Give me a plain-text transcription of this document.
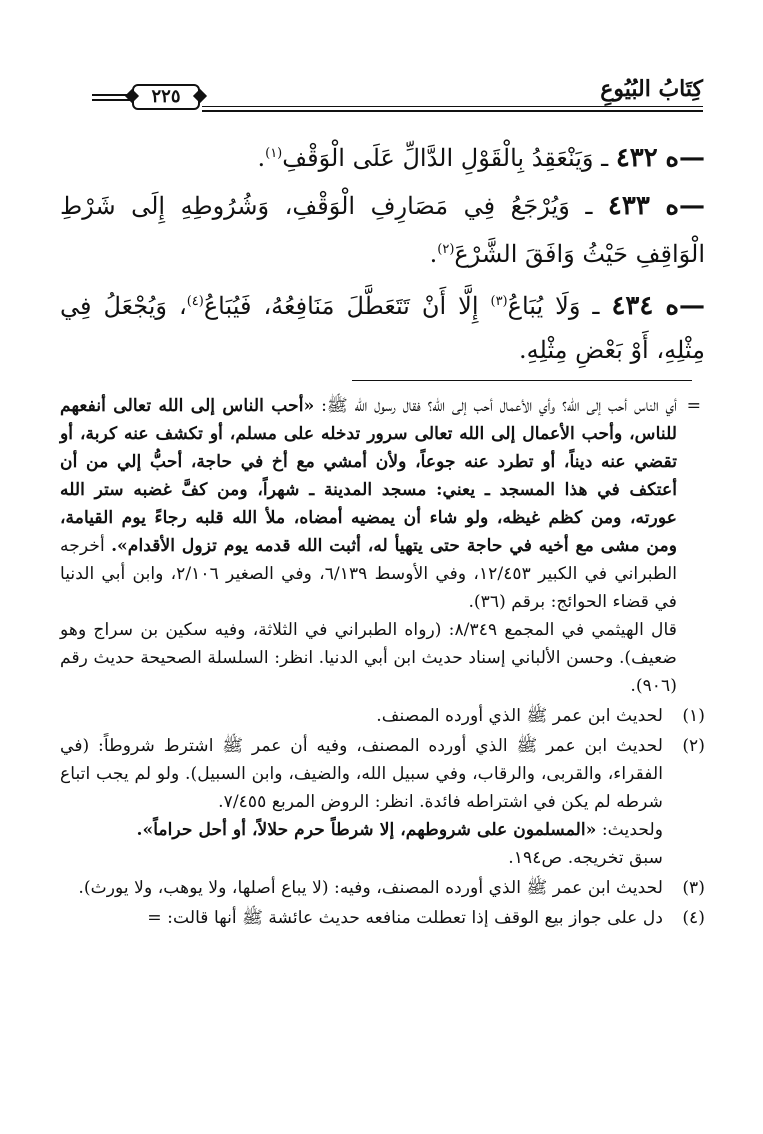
كِتَابُ البُيُوعِ
٢٢٥

—ﻩ ٤٣٢ ـ وَيَنْعَقِدُ بِالْقَوْلِ الدَّالِّ عَلَى الْوَقْفِ$^{(١)}$.

—ﻩ ٤٣٣ ـ وَيُرْجَعُ فِي مَصَارِفِ الْوَقْفِ، وَشُرُوطِهِ إِلَى شَرْطِ الْوَاقِفِ حَيْثُ وَافَقَ الشَّرْعَ$^{(٢)}$.

—ﻩ ٤٣٤ ـ وَلَا يُبَاعُ$^{(٣)}$ إِلَّا أَنْ تَتَعَطَّلَ مَنَافِعُهُ، فَيُبَاعُ$^{(٤)}$، وَيُجْعَلُ فِي مِثْلِهِ، أَوْ بَعْضِ مِثْلِهِ.

=

أي الناس أحب إلى الله؟ وأي الأعمال أحب إلى الله؟ فقال رسول الله ﷺ: «أحب الناس إلى الله تعالى أنفعهم للناس، وأحب الأعمال إلى الله تعالى سرور تدخله على مسلم، أو تكشف عنه كربة، أو تقضي عنه ديناً، أو تطرد عنه جوعاً، ولأن أمشي مع أخ في حاجة، أحبُّ إلي من أن أعتكف في هذا المسجد ـ يعني: مسجد المدينة ـ شهراً، ومن كفَّ غضبه ستر الله عورته، ومن كظم غيظه، ولو شاء أن يمضيه أمضاه، ملأ الله قلبه رجاءً يوم القيامة، ومن مشى مع أخيه في حاجة حتى يتهيأ له، أثبت الله قدمه يوم تزول الأقدام». أخرجه الطبراني في الكبير ١٢/٤٥٣، وفي الأوسط ٦/١٣٩، وفي الصغير ٢/١٠٦، وابن أبي الدنيا في قضاء الحوائج: برقم (٣٦).

قال الهيثمي في المجمع ٨/٣٤٩: (رواه الطبراني في الثلاثة، وفيه سكين بن سراج وهو ضعيف). وحسن الألباني إسناد حديث ابن أبي الدنيا. انظر: السلسلة الصحيحة حديث رقم (٩٠٦).

(١)

لحديث ابن عمر ﷺ الذي أورده المصنف.

(٢)

لحديث ابن عمر ﷺ الذي أورده المصنف، وفيه أن عمر ﷺ اشترط شروطاً: (في الفقراء، والقربى، والرقاب، وفي سبيل الله، والضيف، وابن السبيل). ولو لم يجب اتباع شرطه لم يكن في اشتراطه فائدة. انظر: الروض المربع ٧/٤٥٥.

ولحديث: «المسلمون على شروطهم، إلا شرطاً حرم حلالاً، أو أحل حراماً».

سبق تخريجه. ص١٩٤.

(٣)

لحديث ابن عمر ﷺ الذي أورده المصنف، وفيه: (لا يباع أصلها، ولا يوهب، ولا يورث).

(٤)

دل على جواز بيع الوقف إذا تعطلت منافعه حديث عائشة ﷺ أنها قالت: =
